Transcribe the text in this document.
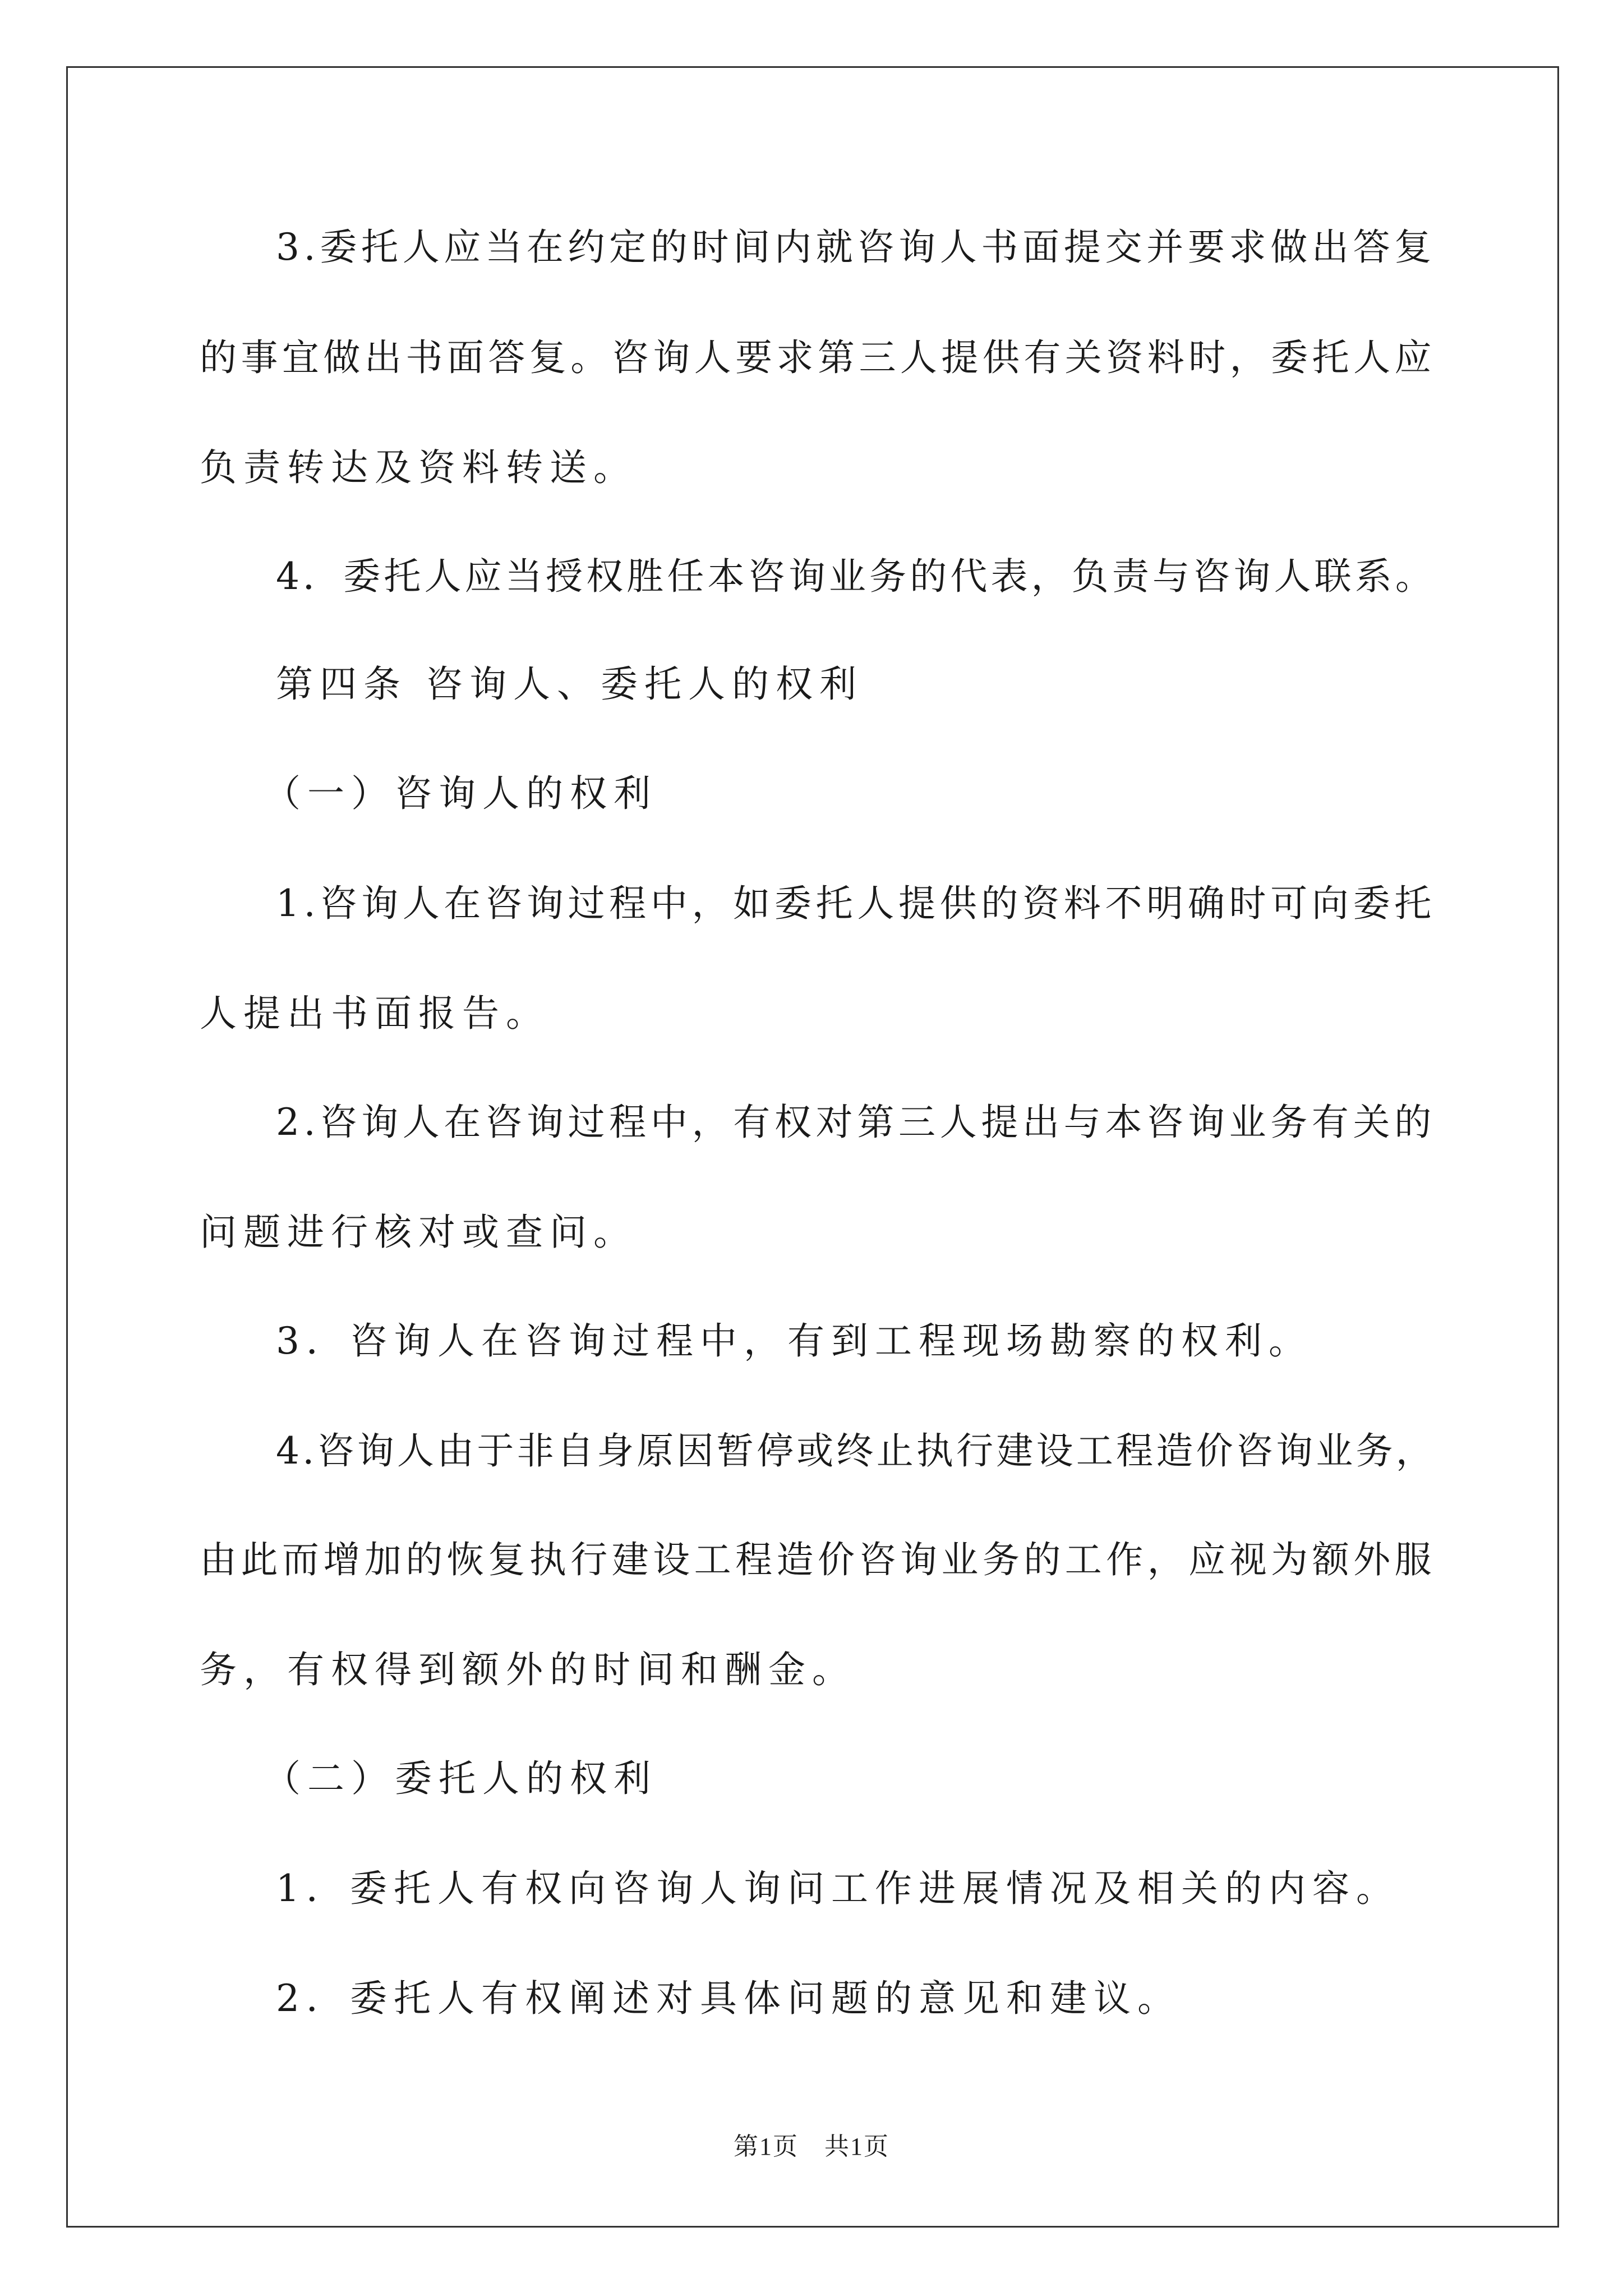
3.委托人应当在约定的时间内就咨询人书面提交并要求做出答复
的事宜做出书面答复。咨询人要求第三人提供有关资料时，委托人应
负责转达及资料转送。
4．委托人应当授权胜任本咨询业务的代表，负责与咨询人联系。
第四条 咨询人、委托人的权利
（一）咨询人的权利
1.咨询人在咨询过程中，如委托人提供的资料不明确时可向委托
人提出书面报告。
2.咨询人在咨询过程中，有权对第三人提出与本咨询业务有关的
问题进行核对或查问。
3．咨询人在咨询过程中，有到工程现场勘察的权利。
4.咨询人由于非自身原因暂停或终止执行建设工程造价咨询业务，
由此而增加的恢复执行建设工程造价咨询业务的工作，应视为额外服
务，有权得到额外的时间和酬金。
（二）委托人的权利
1．委托人有权向咨询人询问工作进展情况及相关的内容。
2．委托人有权阐述对具体问题的意见和建议。
第1页　共1页
